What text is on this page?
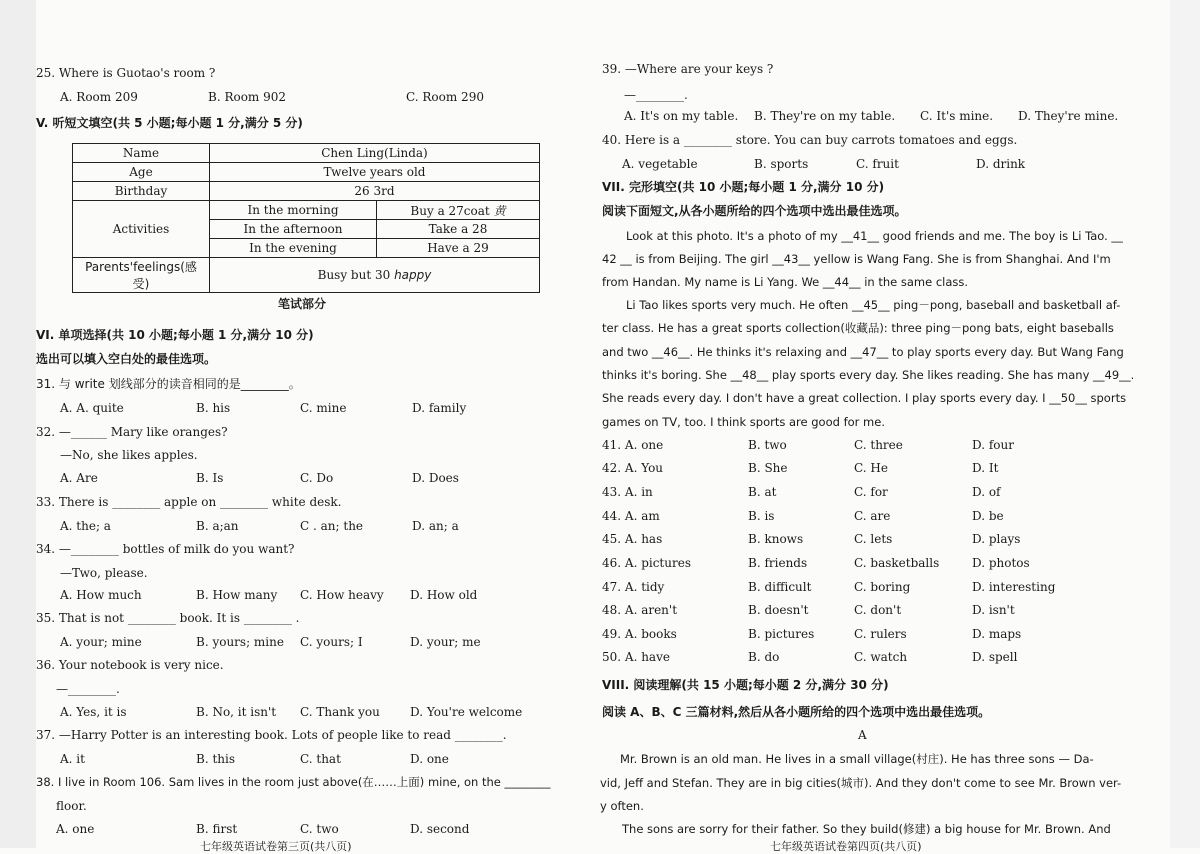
25. Where is Guotao's room ?
A. Room 209	B. Room 902	C. Room 290
V. 听短文填空(共 5 小题;每小题 1 分,满分 5 分)
Name	Chen Ling(Linda)	
Age	Twelve years old	
Birthday	26 3rd	
Activities	In the morning	Buy a 27coat 黄
	In the afternoon	Take a 28
	In the evening	Have a 29
Parents'feelings(感受)	Busy but 30 happy	
笔试部分
VI. 单项选择(共 10 小题;每小题 1 分,满分 10 分)
选出可以填入空白处的最佳选项。
31. 与 write 划线部分的读音相同的是________。
A. A. quite	B. his	C. mine	D. family
32. —______ Mary like oranges?
—No, she likes apples.
A. Are	B. Is	C. Do	D. Does
33. There is ________ apple on ________ white desk.
A. the; a	B. a;an	C . an; the	D. an; a
34. —________ bottles of milk do you want?
—Two, please.
A. How much	B. How many C. How heavy D. How old
35. That is not ________ book. It is ________ .
A. your; mine	B. yours; mine C. yours; I	D. your; me
36. Your notebook is very nice.
—________.
A. Yes, it is	B. No, it isn't C. Thank you	D. You're welcome
37. —Harry Potter is an interesting book. Lots of people like to read ________.
A. it	B. this	C. that	D. one
38. I live in Room 106. Sam lives in the room just above(在……上面) mine, on the ________
floor.
A. one	B. first	C. two	D. second
七年级英语试卷第三页(共八页)
39. —Where are your keys ?
—________.
A. It's on my table. B. They're on my table. C. It's mine. D. They're mine.
40. Here is a ________ store. You can buy carrots tomatoes and eggs.
A. vegetable	B. sports	C. fruit	D. drink
VII. 完形填空(共 10 小题;每小题 1 分,满分 10 分)
阅读下面短文,从各小题所给的四个选项中选出最佳选项。
Look at this photo. It's a photo of my __41__ good friends and me. The boy is Li Tao. __
42 __ is from Beijing. The girl __43__ yellow is Wang Fang. She is from Shanghai. And I'm
from Handan. My name is Li Yang. We __44__ in the same class.
Li Tao likes sports very much. He often __45__ ping－pong, baseball and basketball af-
ter class. He has a great sports collection(收藏品): three ping－pong bats, eight baseballs
and two __46__. He thinks it's relaxing and __47__ to play sports every day. But Wang Fang
thinks it's boring. She __48__ play sports every day. She likes reading. She has many __49__.
She reads every day. I don't have a great collection. I play sports every day. I __50__ sports
games on TV, too. I think sports are good for me.
41. A. one	B. two	C. three	D. four
42. A. You	B. She	C. He	D. It
43. A. in	B. at	C. for	D. of
44. A. am	B. is	C. are	D. be
45. A. has	B. knows	C. lets	D. plays
46. A. pictures	B. friends	C. basketballs	D. photos
47. A. tidy	B. difficult	C. boring	D. interesting
48. A. aren't	B. doesn't	C. don't	D. isn't
49. A. books	B. pictures	C. rulers	D. maps
50. A. have	B. do	C. watch	D. spell
VIII. 阅读理解(共 15 小题;每小题 2 分,满分 30 分)
阅读 A、B、C 三篇材料,然后从各小题所给的四个选项中选出最佳选项。
A
Mr. Brown is an old man. He lives in a small village(村庄). He has three sons — Da-
vid, Jeff and Stefan. They are in big cities(城市). And they don't come to see Mr. Brown ver-
y often.
The sons are sorry for their father. So they build(修建) a big house for Mr. Brown. And
七年级英语试卷第四页(共八页)
